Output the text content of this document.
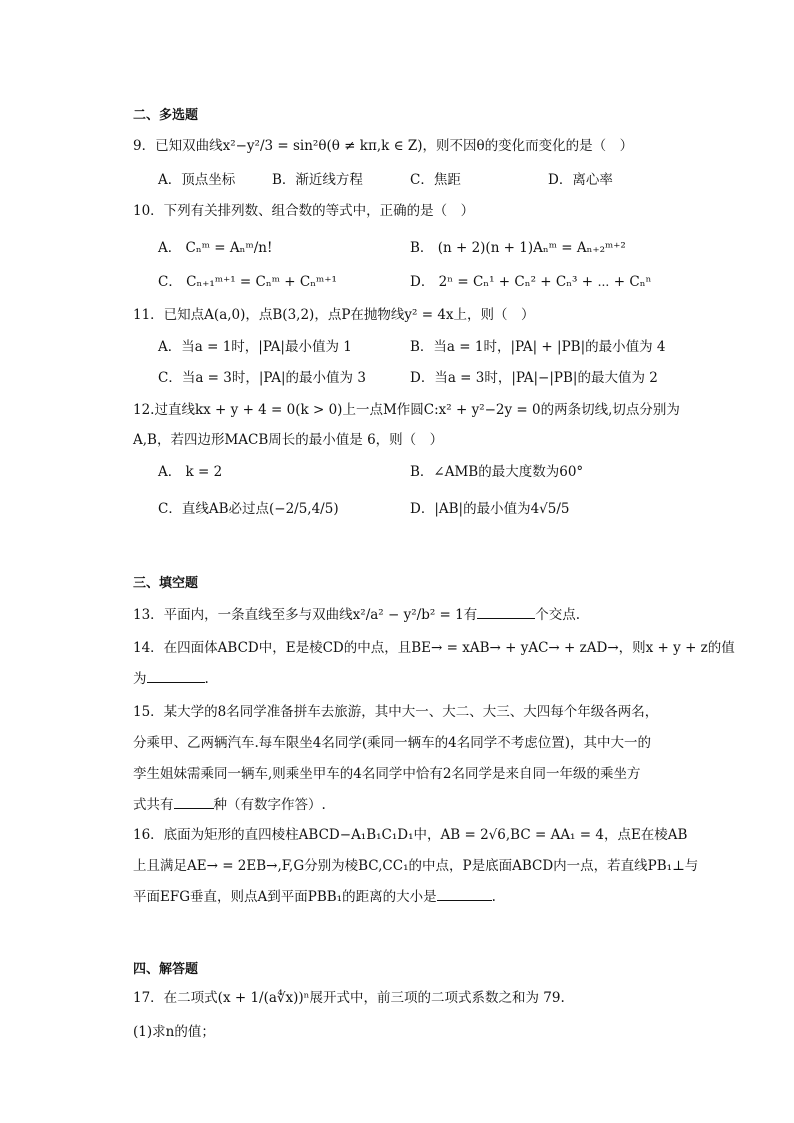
二、多选题
9．已知双曲线x²−y²/3 = sin²θ(θ ≠ kπ,k ∈ Z)，则不因θ的变化而变化的是（　）
A．顶点坐标	B．渐近线方程	C．焦距	D．离心率
10．下列有关排列数、组合数的等式中，正确的是（　）
A． Cₙᵐ = Aₙᵐ/n!	B． (n + 2)(n + 1)Aₙᵐ = Aₙ₊₂ᵐ⁺²
C． Cₙ₊₁ᵐ⁺¹ = Cₙᵐ + Cₙᵐ⁺¹	D． 2ⁿ = Cₙ¹ + Cₙ² + Cₙ³ + ⋯ + Cₙⁿ
11．已知点A(a,0)，点B(3,2)，点P在抛物线y² = 4x上，则（　）
A．当a = 1时，|PA|最小值为 1	B．当a = 1时，|PA| + |PB|的最小值为 4
C．当a = 3时，|PA|的最小值为 3	D．当a = 3时，|PA|−|PB|的最大值为 2
12.过直线kx + y + 4 = 0(k > 0)上一点M作圆C:x² + y²−2y = 0的两条切线,切点分别为
A,B，若四边形MACB周长的最小值是 6，则（　）
A． k = 2	B．∠AMB的最大度数为60°
C．直线AB必过点(−2/5,4/5)	D．|AB|的最小值为4√5/5
三、填空题
13．平面内，一条直线至多与双曲线x²/a² − y²/b² = 1有	个交点.
14．在四面体ABCD中，E是棱CD的中点，且BE→ = xAB→ + yAC→ + zAD→，则x + y + z的值
为	.
15．某大学的8名同学准备拼车去旅游，其中大一、大二、大三、大四每个年级各两名，
分乘甲、乙两辆汽车.每车限坐4名同学(乘同一辆车的4名同学不考虑位置)，其中大一的
孪生姐妹需乘同一辆车,则乘坐甲车的4名同学中恰有2名同学是来自同一年级的乘坐方
式共有	种（有数字作答）.
16．底面为矩形的直四棱柱ABCD−A₁B₁C₁D₁中，AB = 2√6,BC = AA₁ = 4，点E在棱AB
上且满足AE→ = 2EB→,F,G分别为棱BC,CC₁的中点，P是底面ABCD内一点，若直线PB₁⊥与
平面EFG垂直，则点A到平面PBB₁的距离的大小是	.
四、解答题
17．在二项式(x + 1/(a∜x))ⁿ展开式中，前三项的二项式系数之和为 79.
(1)求n的值；
